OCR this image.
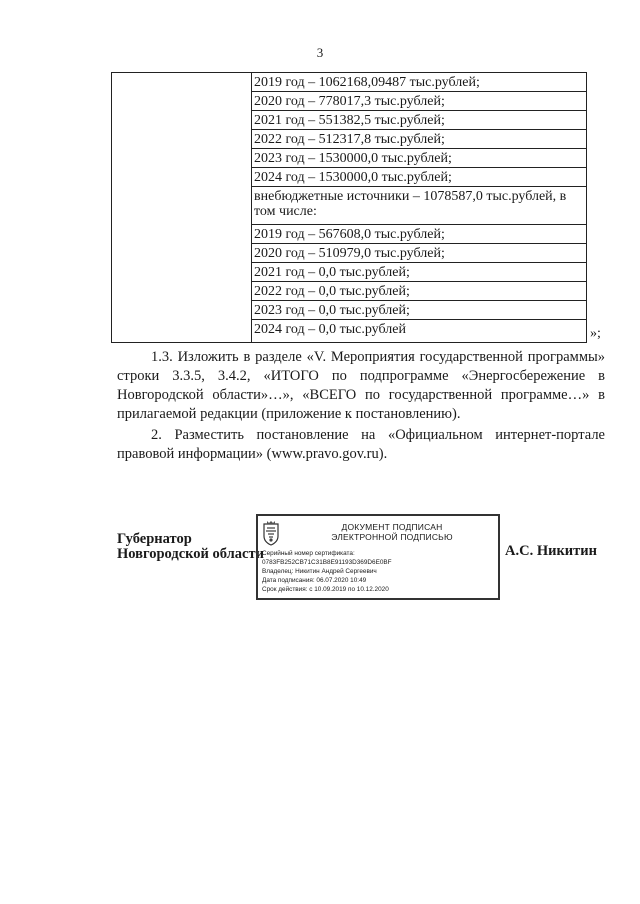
3
2019 год – 1062168,09487 тыс.рублей;
2020 год – 778017,3 тыс.рублей;
2021 год – 551382,5 тыс.рублей;
2022 год – 512317,8 тыс.рублей;
2023 год – 1530000,0 тыс.рублей;
2024 год – 1530000,0 тыс.рублей;
внебюджетные источники – 1078587,0 тыс.рублей, в том числе:
2019 год – 567608,0 тыс.рублей;
2020 год – 510979,0 тыс.рублей;
2021 год – 0,0 тыс.рублей;
2022 год – 0,0 тыс.рублей;
2023 год – 0,0 тыс.рублей;
2024 год – 0,0 тыс.рублей	»;
1.3. Изложить в разделе «V. Мероприятия государственной программы» строки 3.3.5, 3.4.2, «ИТОГО по подпрограмме «Энергосбережение в Новгородской области»…», «ВСЕГО по государственной программе…» в прилагаемой редакции (приложение к постановлению).
2. Разместить постановление на «Официальном интернет-портале правовой информации» (www.pravo.gov.ru).
Губернатор
Новгородской области
ДОКУМЕНТ ПОДПИСАН
ЭЛЕКТРОННОЙ ПОДПИСЬЮ
Серийный номер сертификата:
0783FB252CB71C31B8E91193D369D6E0BF
Владелец: Никитин Андрей Сергеевич
Дата подписания: 06.07.2020 10:49
Срок действия: с 10.09.2019 по 10.12.2020
А.С. Никитин
